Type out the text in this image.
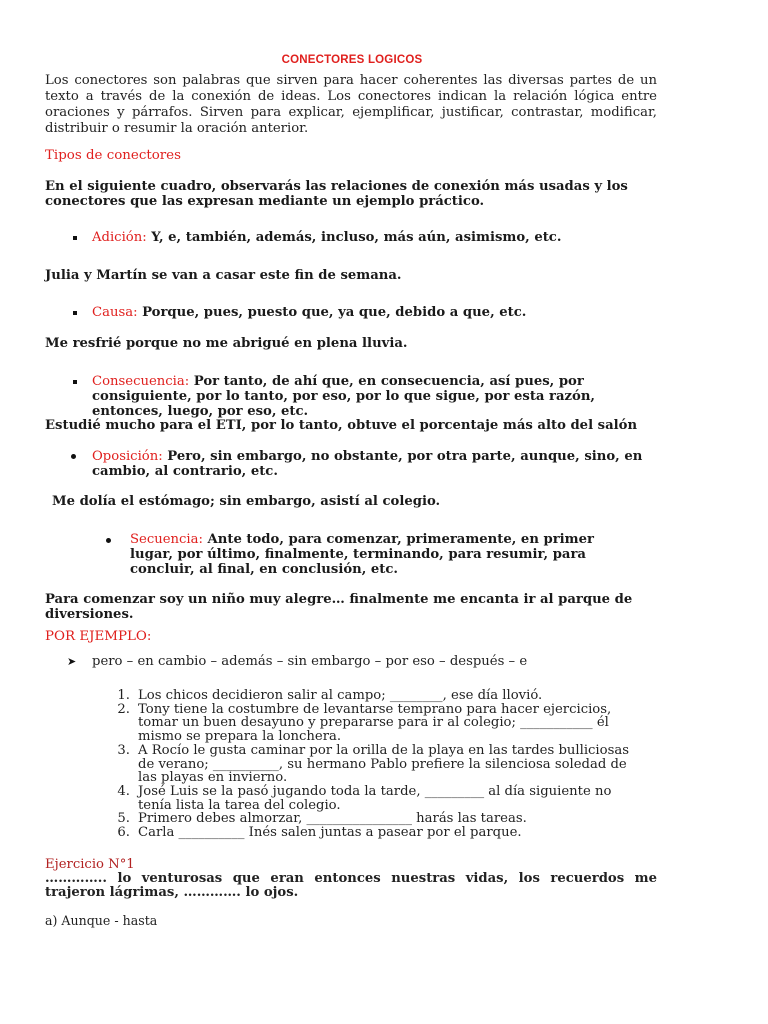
CONECTORES LOGICOS
Los conectores son palabras que sirven para hacer coherentes las diversas partes de un texto a través de la conexión de ideas. Los conectores indican la relación lógica entre oraciones y párrafos. Sirven para explicar, ejemplificar, justificar, contrastar, modificar, distribuir o resumir la oración anterior.
Tipos de conectores
En el siguiente cuadro, observarás las relaciones de conexión más usadas y los conectores que las expresan mediante un ejemplo práctico.
Adición: Y, e, también, además, incluso, más aún, asimismo, etc.
Julia y Martín se van a casar este fin de semana.
Causa: Porque, pues, puesto que, ya que, debido a que, etc.
Me resfrié porque no me abrigué en plena lluvia.
Consecuencia: Por tanto, de ahí que, en consecuencia, así pues, por consiguiente, por lo tanto, por eso, por lo que sigue, por esta razón, entonces, luego, por eso, etc.
Estudié mucho para el ETI, por lo tanto, obtuve el porcentaje más alto del salón
Oposición: Pero, sin embargo, no obstante, por otra parte, aunque, sino, en cambio, al contrario, etc.
Me dolía el estómago; sin embargo, asistí al colegio.
Secuencia: Ante todo, para comenzar, primeramente, en primer lugar, por último, finalmente, terminando, para resumir, para concluir, al final, en conclusión, etc.
Para comenzar soy un niño muy alegre… finalmente me encanta ir al parque de diversiones.
POR EJEMPLO:
➤ pero – en cambio – además – sin embargo – por eso – después – e
1. Los chicos decidieron salir al campo; ________, ese día llovió.
2. Tony tiene la costumbre de levantarse temprano para hacer ejercicios, tomar un buen desayuno y prepararse para ir al colegio; ___________ él mismo se prepara la lonchera.
3. A Rocío le gusta caminar por la orilla de la playa en las tardes bulliciosas de verano; __________, su hermano Pablo prefiere la silenciosa soledad de las playas en invierno.
4. José Luis se la pasó jugando toda la tarde, _________ al día siguiente no tenía lista la tarea del colegio.
5. Primero debes almorzar, ________________ harás las tareas.
6. Carla __________ Inés salen juntas a pasear por el parque.
Ejercicio N°1
………….. lo venturosas que eran entonces nuestras vidas, los recuerdos me trajeron lágrimas, …………. lo ojos.
a) Aunque - hasta
